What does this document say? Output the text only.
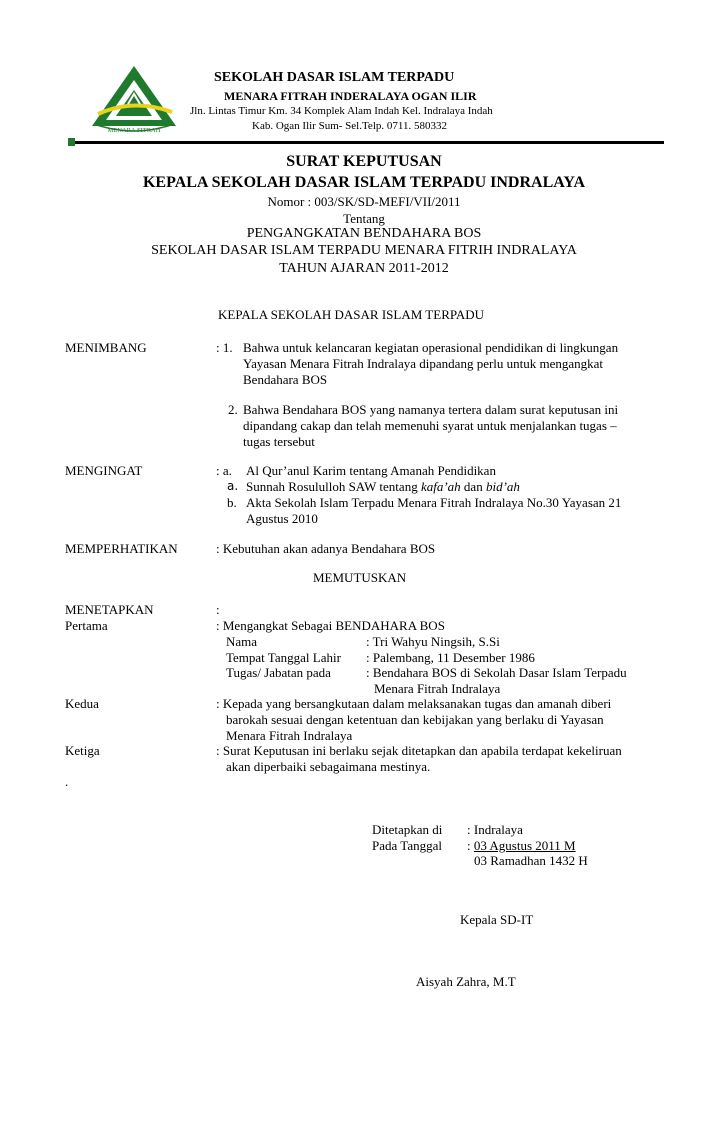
MENARA FITRAH
SEKOLAH DASAR ISLAM TERPADU
MENARA FITRAH INDERALAYA OGAN ILIR
Jln. Lintas Timur Km. 34 Komplek Alam Indah Kel. Indralaya Indah
Kab. Ogan Ilir Sum- Sel.Telp. 0711. 580332
SURAT KEPUTUSAN
KEPALA SEKOLAH DASAR ISLAM TERPADU INDRALAYA
Nomor : 003/SK/SD-MEFI/VII/2011
Tentang
PENGANGKATAN BENDAHARA BOS
SEKOLAH DASAR ISLAM TERPADU MENARA FITRIH INDRALAYA
TAHUN AJARAN 2011-2012
KEPALA SEKOLAH DASAR ISLAM TERPADU
MENIMBANG	: 1. Bahwa untuk kelancaran kegiatan operasional pendidikan di lingkungan
Yayasan Menara Fitrah Indralaya dipandang perlu untuk mengangkat
Bendahara BOS
2. Bahwa Bendahara BOS yang namanya tertera dalam surat keputusan ini
dipandang cakap dan telah memenuhi syarat untuk menjalankan tugas –
tugas tersebut
MENGINGAT	: a. Al Qur’anul Karim tentang Amanah Pendidikan
a. Sunnah Rosululloh SAW tentang kafa’ah dan bid’ah
b. Akta Sekolah Islam Terpadu Menara Fitrah Indralaya No.30 Yayasan 21
Agustus 2010
MEMPERHATIKAN	: Kebutuhan akan adanya Bendahara BOS
MEMUTUSKAN
MENETAPKAN	:
Pertama	: Mengangkat Sebagai BENDAHARA BOS
Nama	: Tri Wahyu Ningsih, S.Si
Tempat Tanggal Lahir : Palembang, 11 Desember 1986
Tugas/ Jabatan pada	: Bendahara BOS di Sekolah Dasar Islam Terpadu
Menara Fitrah Indralaya
Kedua	: Kepada yang bersangkutaan dalam melaksanakan tugas dan amanah diberi
barokah sesuai dengan ketentuan dan kebijakan yang berlaku di Yayasan
Menara Fitrah Indralaya
Ketiga	: Surat Keputusan ini berlaku sejak ditetapkan dan apabila terdapat kekeliruan
akan diperbaiki sebagaimana mestinya.
.
Ditetapkan di : Indralaya
Pada Tanggal : 03 Agustus 2011 M
03 Ramadhan 1432 H
Kepala SD-IT
Aisyah Zahra, M.T
